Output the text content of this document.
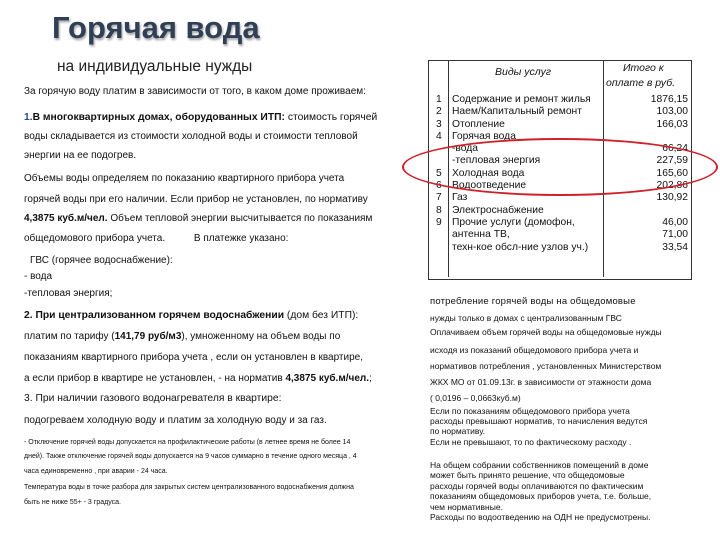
Горячая вода
на индивидуальные нужды
За горячую воду платим в зависимости от того, в каком доме проживаем:
1.В многоквартирных домах, оборудованных ИТП: стоимость горячей
воды складывается из стоимости холодной воды и стоимости тепловой
энергии на ее подогрев.
Объемы воды определяем по показанию квартирного прибора учета
горячей воды при его наличии. Если прибор не установлен, по нормативу
4,3875 куб.м/чел. Объем тепловой энергии высчитывается по показаниям
общедомового прибора учета.	В платежке указано:
ГВС (горячее водоснабжение):
- вода
-тепловая энергия;
2. При централизованном горячем водоснабжении (дом без ИТП):
платим по тарифу (141,79 руб/м3), умноженному на объем воды по
показаниям квартирного прибора учета , если он установлен в квартире,
а если прибор в квартире не установлен, - на норматив 4,3875 куб.м/чел.;
3. При наличии газового водонагревателя в квартире:
подогреваем холодную воду и платим за холодную воду и за газ.
- Отключение горячей воды допускается на профилактические работы (в летнее время не более 14
дней). Также отключение горячей воды допускается на 9 часов суммарно в течение одного месяца , 4
часа единовременно , при аварии - 24 часа.
Температура воды в точке разбора для закрытых систем централизованного водоснабжения должна
быть не ниже 55+ - 3 градуса.
Виды услуг	Итого к
оплате в руб.
1 Содержание и ремонт жилья	1876,15
2 Наем/Капитальный ремонт	103,00
3 Отопление	166,03
4 Горячая вода
-вода	66,24
-тепловая энергия	227,59
5 Холодная вода	165,60
6 Водоотведение	202,86
7 Газ	130,92
8 Электроснабжение
9 Прочие услуги (домофон,	46,00
антенна ТВ,	71,00
техн-кое обсл-ние узлов уч.)	33,54
потребление горячей воды на общедомовые
нужды только в домах с централизованным ГВС
Оплачиваем объем горячей воды на общедомовые нужды
исходя из показаний общедомового прибора учета и
нормативов потребления , установленных Министерством
ЖКХ МО от 01.09.13г. в зависимости от этажности дома
( 0,0196 – 0,0663куб.м)
Если по показаниям общедомового прибора учета
расходы превышают норматив, то начисления ведутся
по нормативу.
Если не превышают, то по фактическому расходу .
На общем собрании собственников помещений в доме
может быть принято решение, что общедомовые
расходы горячей воды оплачиваются по фактическим
показаниям общедомовых приборов учета, т.е. больше,
чем нормативные.
Расходы по водоотведению на ОДН не предусмотрены.
